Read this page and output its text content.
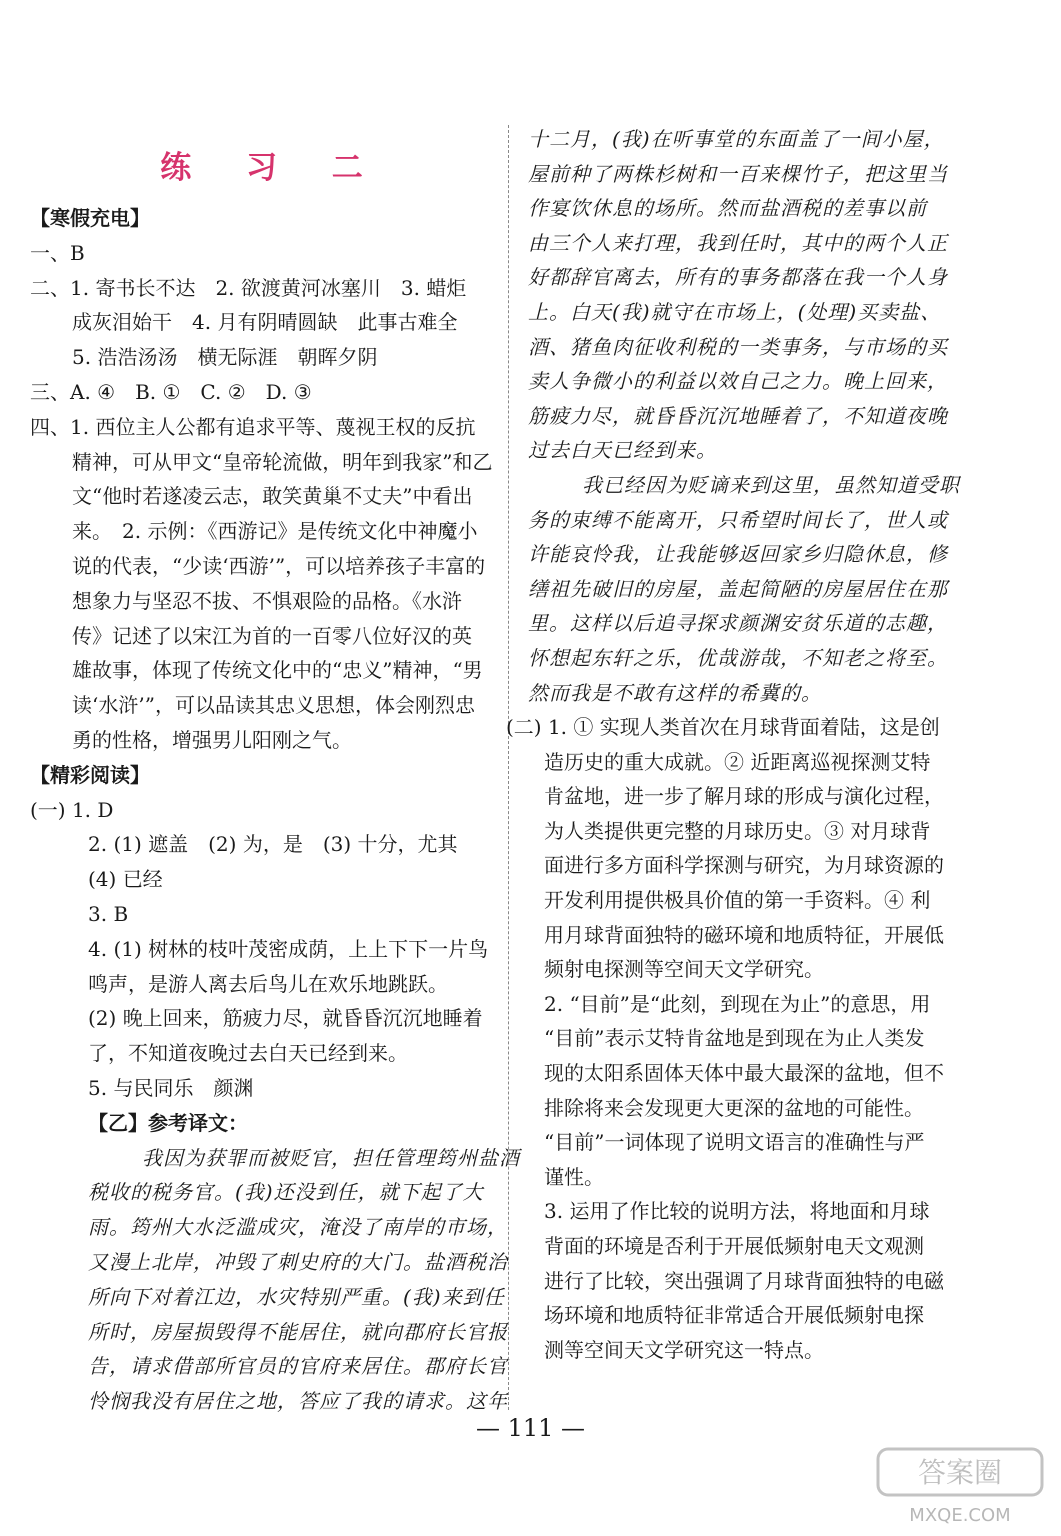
练 习 二
【寒假充电】
一、B
二、1. 寄书长不达　2. 欲渡黄河冰塞川　3. 蜡炬
成灰泪始干　4. 月有阴晴圆缺　此事古难全
5. 浩浩汤汤　横无际涯　朝晖夕阴
三、A. ④　B. ①　C. ②　D. ③
四、1. 西位主人公都有追求平等、蔑视王权的反抗
精神，可从甲文“皇帝轮流做，明年到我家”和乙
文“他时若遂凌云志，敢笑黄巢不丈夫”中看出
来。　2. 示例：《西游记》是传统文化中神魔小
说的代表，“少读‘西游’”，可以培养孩子丰富的
想象力与坚忍不拔、不惧艰险的品格。《水浒
传》记述了以宋江为首的一百零八位好汉的英
雄故事，体现了传统文化中的“忠义”精神，“男
读‘水浒’”，可以品读其忠义思想，体会刚烈忠
勇的性格，增强男儿阳刚之气。
【精彩阅读】
(一) 1. D
2. (1) 遮盖　(2) 为，是　(3) 十分，尤其
(4) 已经
3. B
4. (1) 树林的枝叶茂密成荫，上上下下一片鸟
鸣声，是游人离去后鸟儿在欢乐地跳跃。
(2) 晚上回来，筋疲力尽，就昏昏沉沉地睡着
了，不知道夜晚过去白天已经到来。
5. 与民同乐　颜渊
【乙】参考译文：
我因为获罪而被贬官，担任管理筠州盐酒
税收的税务官。(我)还没到任，就下起了大
雨。筠州大水泛滥成灾，淹没了南岸的市场，
又漫上北岸，冲毁了刺史府的大门。盐酒税治
所向下对着江边，水灾特别严重。(我)来到任
所时，房屋损毁得不能居住，就向郡府长官报
告，请求借部所官员的官府来居住。郡府长官
怜悯我没有居住之地，答应了我的请求。这年
十二月，(我)在听事堂的东面盖了一间小屋，
屋前种了两株杉树和一百来棵竹子，把这里当
作宴饮休息的场所。然而盐酒税的差事以前
由三个人来打理，我到任时，其中的两个人正
好都辞官离去，所有的事务都落在我一个人身
上。白天(我)就守在市场上，(处理)买卖盐、
酒、猪鱼肉征收利税的一类事务，与市场的买
卖人争微小的利益以效自己之力。晚上回来，
筋疲力尽，就昏昏沉沉地睡着了，不知道夜晚
过去白天已经到来。
我已经因为贬谪来到这里，虽然知道受职
务的束缚不能离开，只希望时间长了，世人或
许能哀怜我，让我能够返回家乡归隐休息，修
缮祖先破旧的房屋，盖起简陋的房屋居住在那
里。这样以后追寻探求颜渊安贫乐道的志趣，
怀想起东轩之乐，优哉游哉，不知老之将至。
然而我是不敢有这样的希冀的。
(二) 1. ① 实现人类首次在月球背面着陆，这是创
造历史的重大成就。② 近距离巡视探测艾特
肯盆地，进一步了解月球的形成与演化过程，
为人类提供更完整的月球历史。③ 对月球背
面进行多方面科学探测与研究，为月球资源的
开发利用提供极具价值的第一手资料。④ 利
用月球背面独特的磁环境和地质特征，开展低
频射电探测等空间天文学研究。
2. “目前”是“此刻，到现在为止”的意思，用
“目前”表示艾特肯盆地是到现在为止人类发
现的太阳系固体天体中最大最深的盆地，但不
排除将来会发现更大更深的盆地的可能性。
“目前”一词体现了说明文语言的准确性与严
谨性。
3. 运用了作比较的说明方法，将地面和月球
背面的环境是否利于开展低频射电天文观测
进行了比较，突出强调了月球背面独特的电磁
场环境和地质特征非常适合开展低频射电探
测等空间天文学研究这一特点。
— 111 —
答案圈
MXQE.COM
